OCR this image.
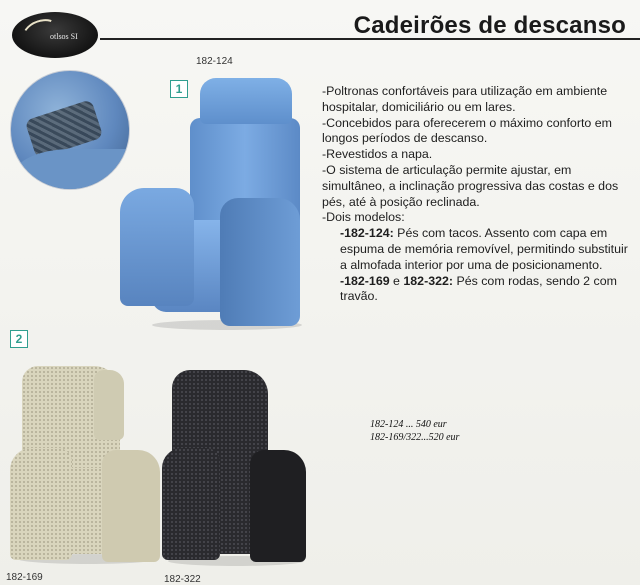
otlsos SI	Cadeirões de descanso
182-124
1	-Poltronas confortáveis para utilização em ambiente hospitalar, domiciliário ou em lares.

-Concebidos para oferecerem o máximo conforto em longos períodos de descanso.

-Revestidos a napa.

-O sistema de articulação permite ajustar, em simultâneo, a inclinação progressiva das costas e dos pés, até à posição reclinada.

-Dois modelos:

-182-124: Pés com tacos. Assento com capa em espuma de memória removível, permitindo substituir a almofada interior por uma de posicionamento.

-182-169 e 182-322: Pés com rodas, sendo 2 com travão.

182-124 ... 540 eur
182-169/322...520 eur
2
182-169	182-322
